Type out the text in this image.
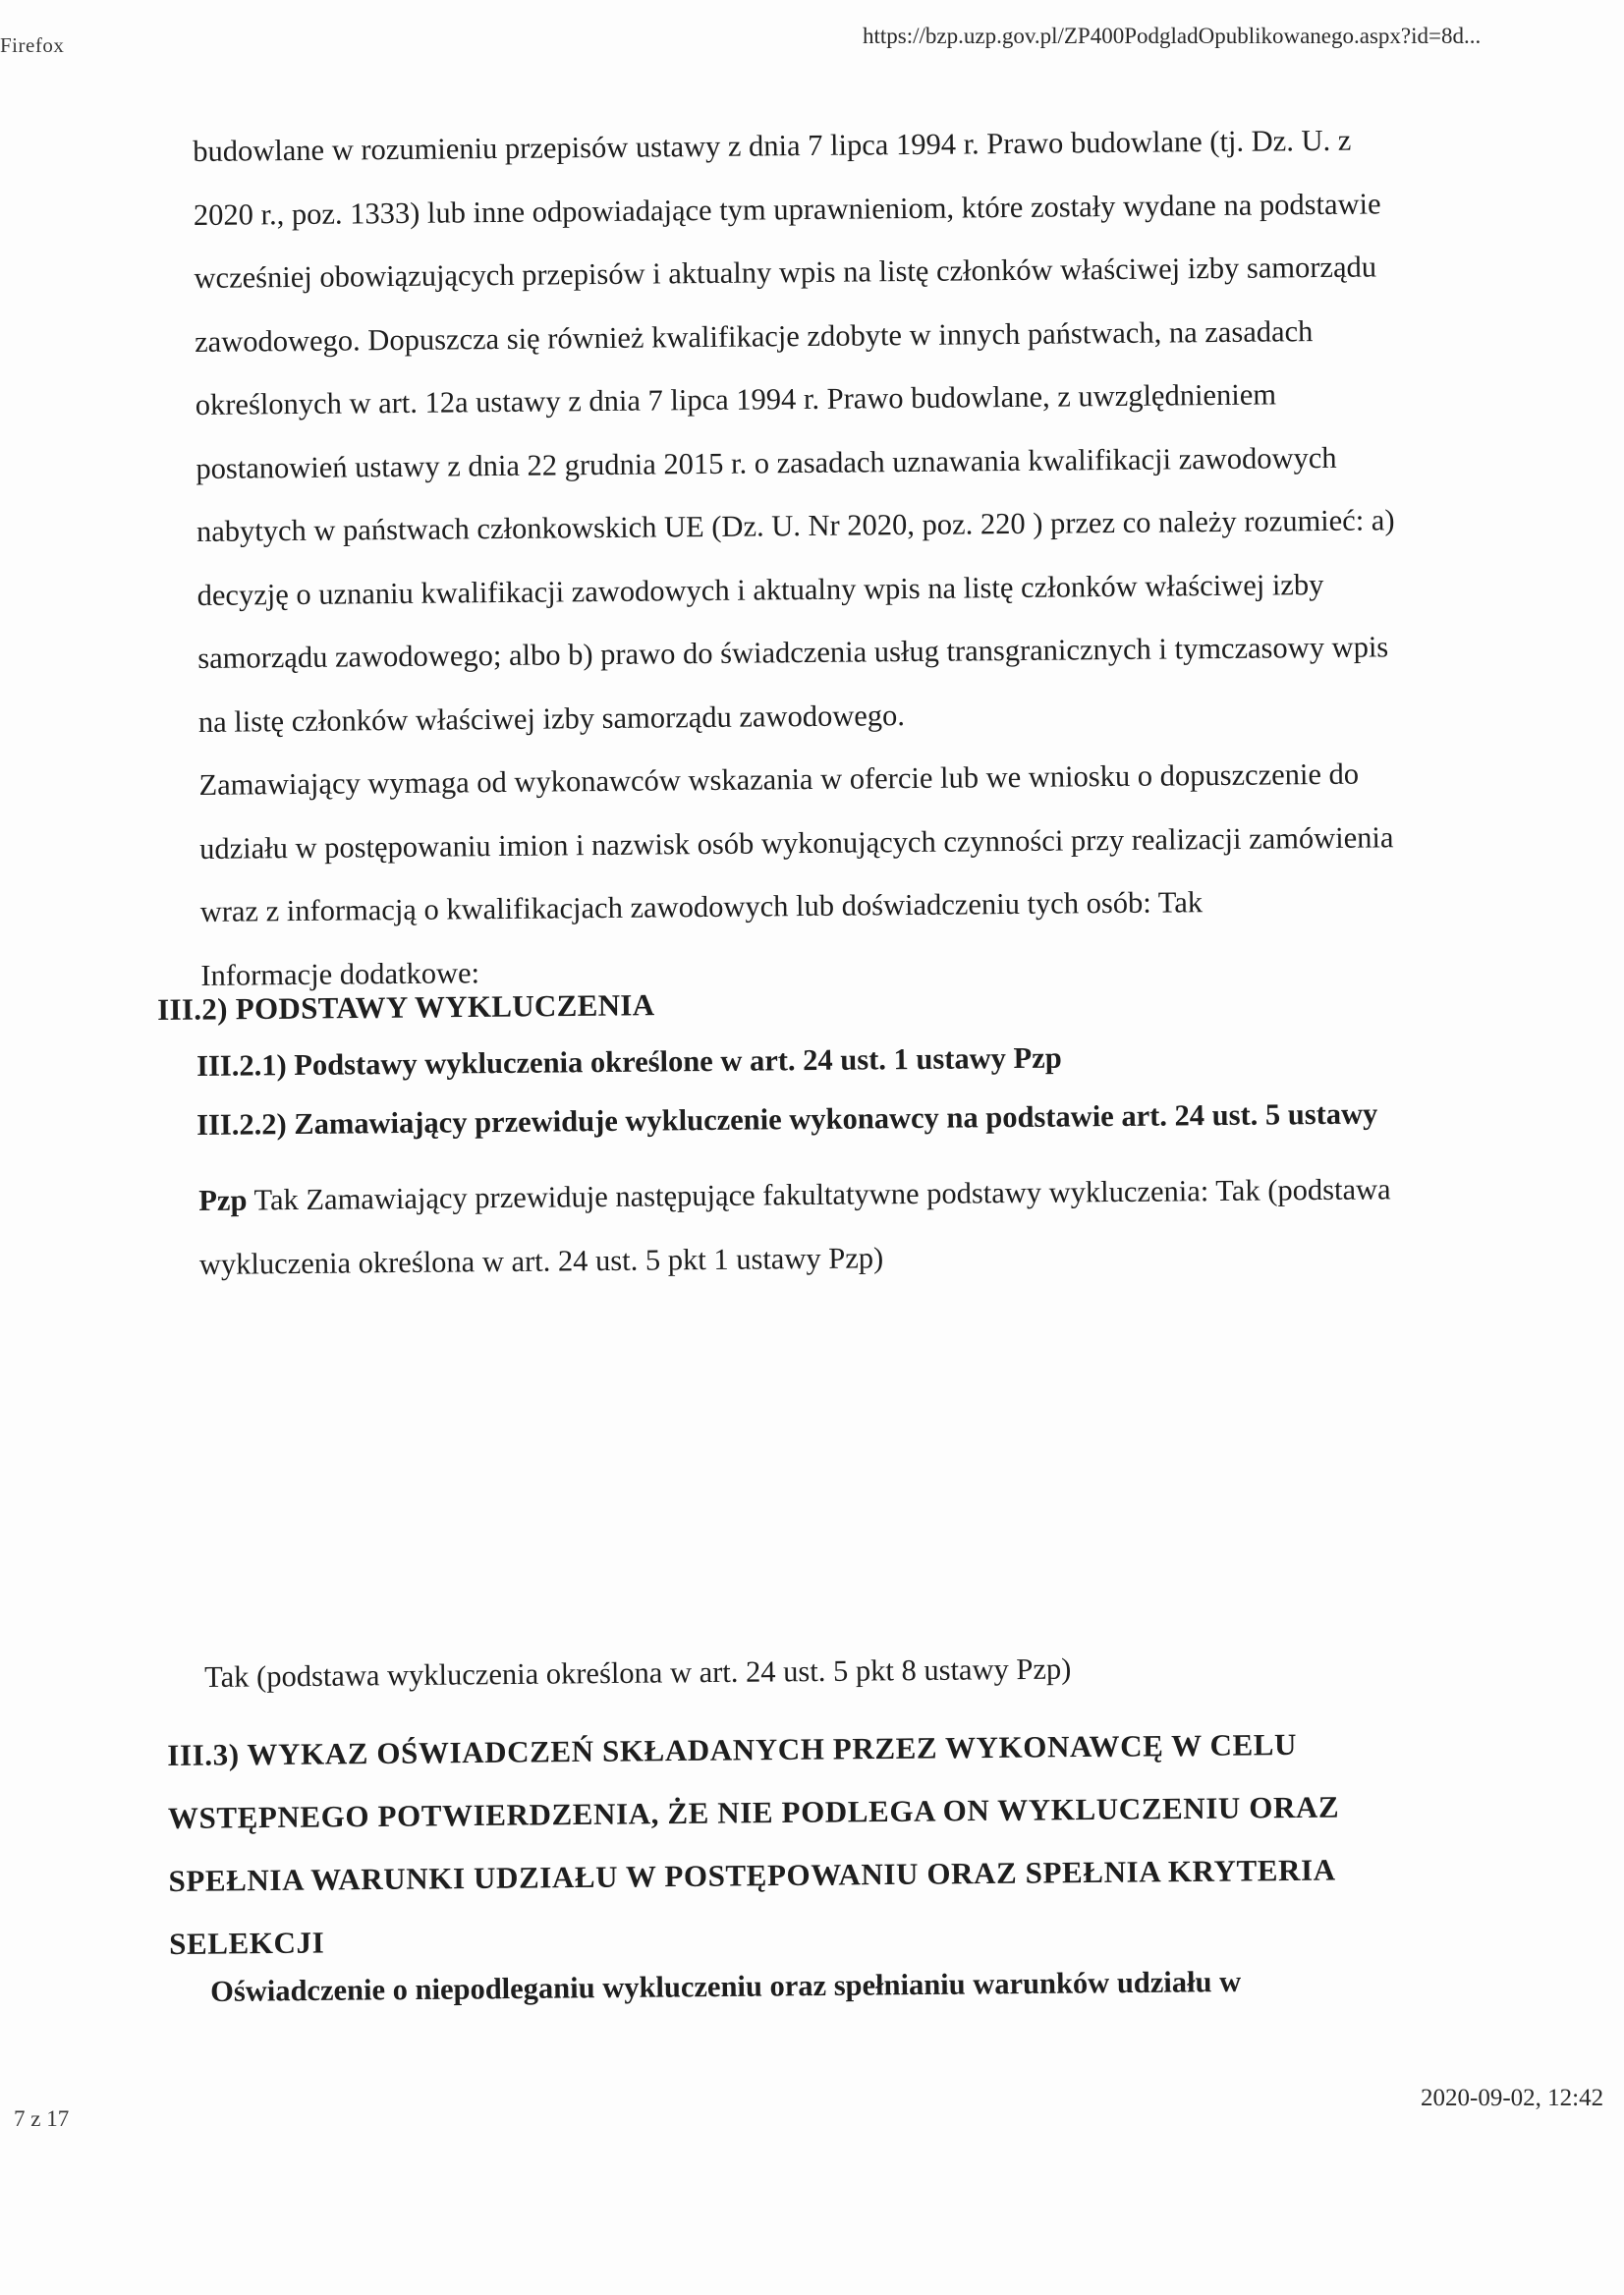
Firefox	https://bzp.uzp.gov.pl/ZP400PodgladOpublikowanego.aspx?id=8d...

budowlane w rozumieniu przepisów ustawy z dnia 7 lipca 1994 r. Prawo budowlane (tj. Dz. U. z

2020 r., poz. 1333) lub inne odpowiadające tym uprawnieniom, które zostały wydane na podstawie

wcześniej obowiązujących przepisów i aktualny wpis na listę członków właściwej izby samorządu

zawodowego. Dopuszcza się również kwalifikacje zdobyte w innych państwach, na zasadach

określonych w art. 12a ustawy z dnia 7 lipca 1994 r. Prawo budowlane, z uwzględnieniem

postanowień ustawy z dnia 22 grudnia 2015 r. o zasadach uznawania kwalifikacji zawodowych

nabytych w państwach członkowskich UE (Dz. U. Nr 2020, poz. 220 ) przez co należy rozumieć: a)

decyzję o uznaniu kwalifikacji zawodowych i aktualny wpis na listę członków właściwej izby

samorządu zawodowego; albo b) prawo do świadczenia usług transgranicznych i tymczasowy wpis

na listę członków właściwej izby samorządu zawodowego.

Zamawiający wymaga od wykonawców wskazania w ofercie lub we wniosku o dopuszczenie do

udziału w postępowaniu imion i nazwisk osób wykonujących czynności przy realizacji zamówienia

wraz z informacją o kwalifikacjach zawodowych lub doświadczeniu tych osób: Tak

Informacje dodatkowe:

III.2) PODSTAWY WYKLUCZENIA
III.2.1) Podstawy wykluczenia określone w art. 24 ust. 1 ustawy Pzp
III.2.2) Zamawiający przewiduje wykluczenie wykonawcy na podstawie art. 24 ust. 5 ustawy

Pzp Tak Zamawiający przewiduje następujące fakultatywne podstawy wykluczenia: Tak (podstawa

wykluczenia określona w art. 24 ust. 5 pkt 1 ustawy Pzp)

Tak (podstawa wykluczenia określona w art. 24 ust. 5 pkt 8 ustawy Pzp)

III.3) WYKAZ OŚWIADCZEŃ SKŁADANYCH PRZEZ WYKONAWCĘ W CELU

WSTĘPNEGO POTWIERDZENIA, ŻE NIE PODLEGA ON WYKLUCZENIU ORAZ

SPEŁNIA WARUNKI UDZIAŁU W POSTĘPOWANIU ORAZ SPEŁNIA KRYTERIA

SELEKCJI

Oświadczenie o niepodleganiu wykluczeniu oraz spełnianiu warunków udziału w
7 z 17
2020-09-02, 12:42
